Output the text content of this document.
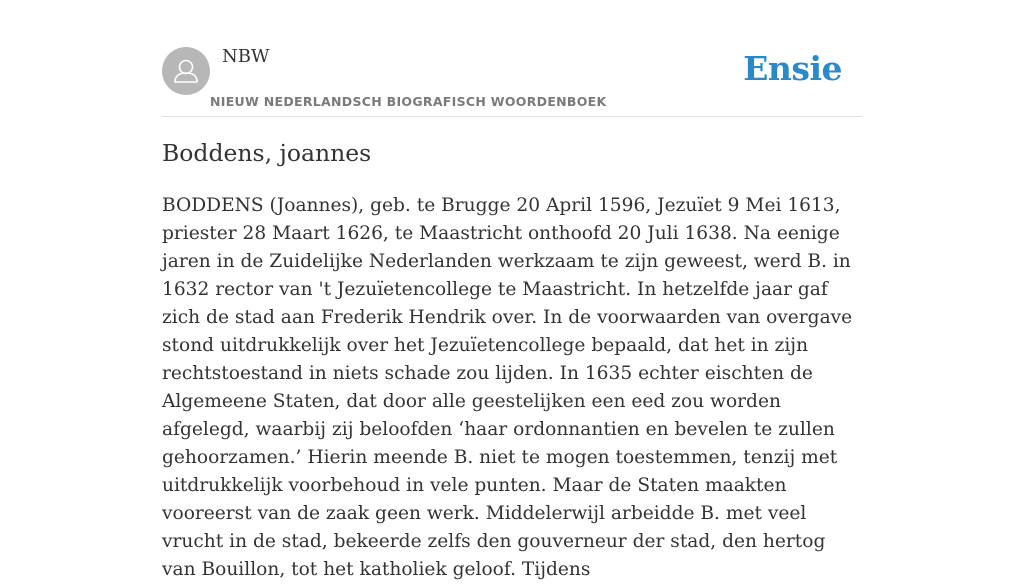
NBW
NIEUW NEDERLANDSCH BIOGRAFISCH WOORDENBOEK
Ensie
Boddens, joannes

BODDENS (Joannes), geb. te Brugge 20 April 1596, Jezuïet 9 Mei 1613, priester 28 Maart 1626, te Maastricht onthoofd 20 Juli 1638. Na eenige jaren in de Zuidelijke Nederlanden werkzaam te zijn geweest, werd B. in 1632 rector van 't Jezuïetencollege te Maastricht. In hetzelfde jaar gaf zich de stad aan Frederik Hendrik over. In de voorwaarden van overgave stond uitdrukkelijk over het Jezuïetencollege bepaald, dat het in zijn rechtstoestand in niets schade zou lijden. In 1635 echter eischten de Algemeene Staten, dat door alle geestelijken een eed zou worden afgelegd, waarbij zij beloofden ‘haar ordonnantien en bevelen te zullen gehoorzamen.’ Hierin meende B. niet te mogen toestemmen, tenzij met uitdrukkelijk voorbehoud in vele punten. Maar de Staten maakten vooreerst van de zaak geen werk. Middelerwijl arbeidde B. met veel vrucht in de stad, bekeerde zelfs den gouverneur der stad, den hertog van Bouillon, tot het katholiek geloof. Tijdens
